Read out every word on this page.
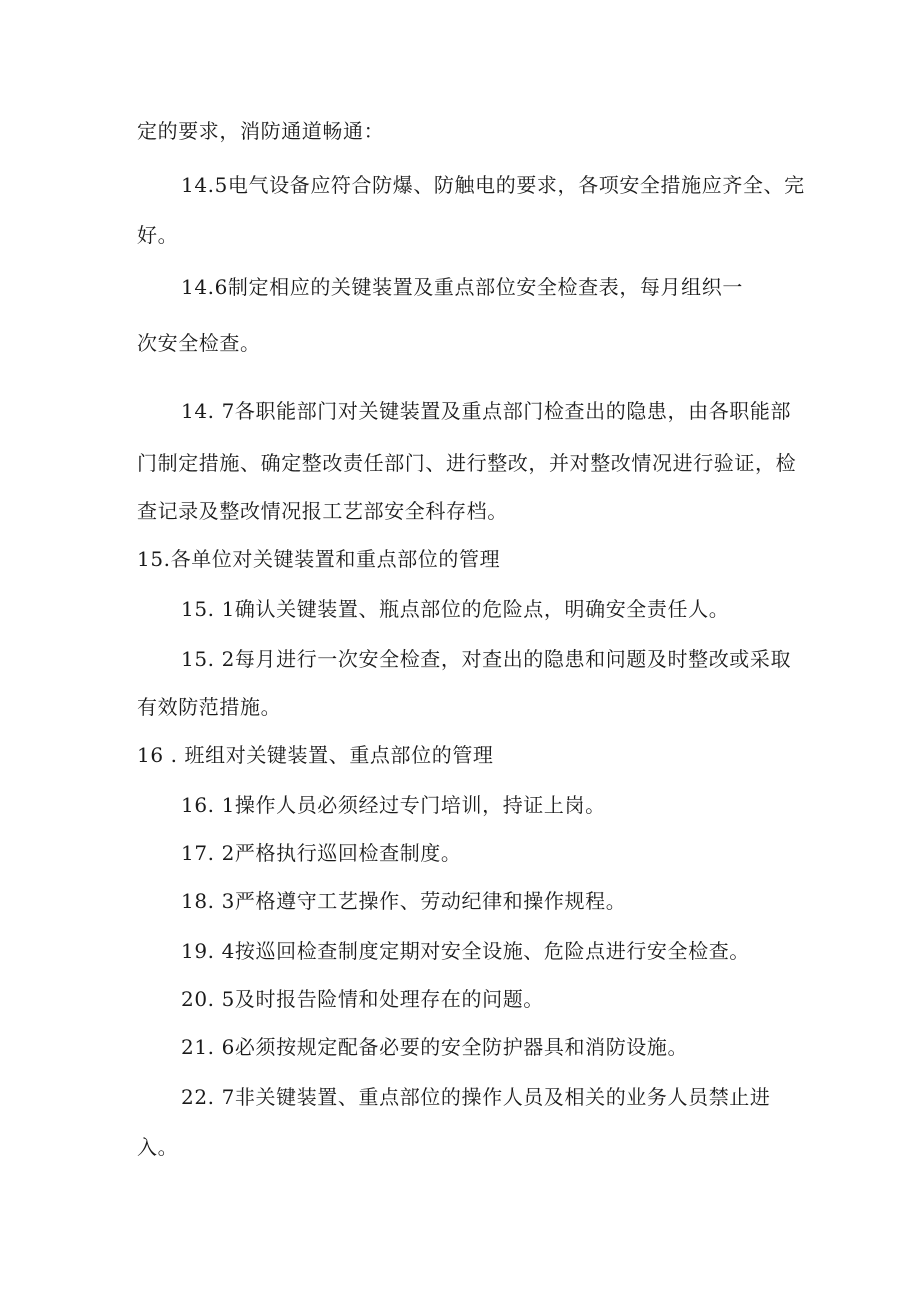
定的要求，消防通道畅通：
14.5电气设备应符合防爆、防触电的要求，各项安全措施应齐全、完
好。
14.6制定相应的关键装置及重点部位安全检查表，每月组织一
次安全检查。
14. 7各职能部门对关键装置及重点部门检查出的隐患，由各职能部
门制定措施、确定整改责任部门、进行整改，并对整改情况进行验证，检
查记录及整改情况报工艺部安全科存档。
15.各单位对关键装置和重点部位的管理
15. 1确认关键装置、瓶点部位的危险点，明确安全责任人。
15. 2每月进行一次安全检查，对查出的隐患和问题及时整改或采取
有效防范措施。
16 . 班组对关键装置、重点部位的管理
16. 1操作人员必须经过专门培训，持证上岗。
17. 2严格执行巡回检查制度。
18. 3严格遵守工艺操作、劳动纪律和操作规程。
19. 4按巡回检查制度定期对安全设施、危险点进行安全检查。
20. 5及时报告险情和处理存在的问题。
21. 6必须按规定配备必要的安全防护器具和消防设施。
22. 7非关键装置、重点部位的操作人员及相关的业务人员禁止进
入。
